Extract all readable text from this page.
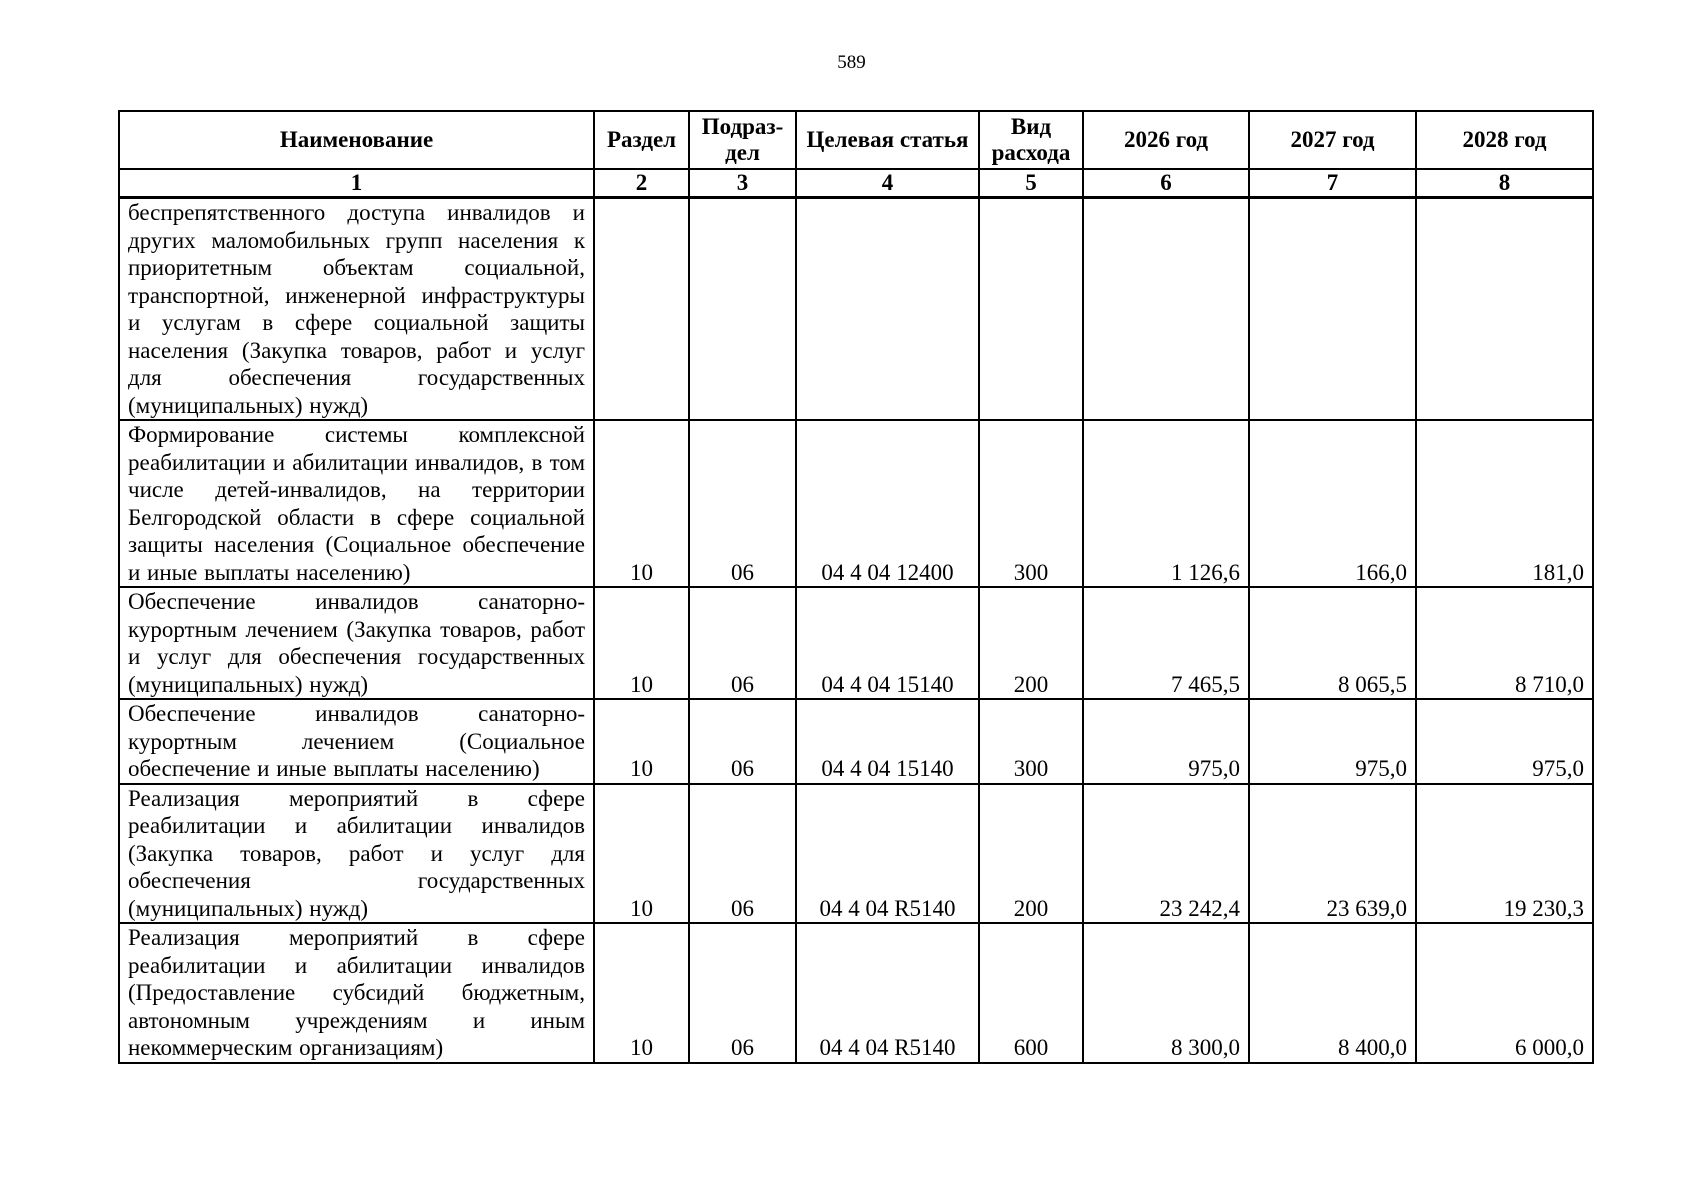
589
Наименование	Раздел	Подраз-дел	Целевая статья	Вид расхода	2026 год	2027 год	2028 год
1	2	3	4	5	6	7	8
беспрепятственного доступа инвалидов и других маломобильных групп населения к приоритетным объектам социальной, транспортной, инженерной инфраструктуры и услугам в сфере социальной защиты населения (Закупка товаров, работ и услуг для обеспечения государственных (муниципальных) нужд)							
Формирование системы комплексной реабилитации и абилитации инвалидов, в том числе детей-инвалидов, на территории Белгородской области в сфере социальной защиты населения (Социальное обеспечение и иные выплаты населению)	10	06	04 4 04 12400	300	1 126,6	166,0	181,0
Обеспечение инвалидов санаторно-курортным лечением (Закупка товаров, работ и услуг для обеспечения государственных (муниципальных) нужд)	10	06	04 4 04 15140	200	7 465,5	8 065,5	8 710,0
Обеспечение инвалидов санаторно-курортным лечением (Социальное обеспечение и иные выплаты населению)	10	06	04 4 04 15140	300	975,0	975,0	975,0
Реализация мероприятий в сфере реабилитации и абилитации инвалидов (Закупка товаров, работ и услуг для обеспечения государственных (муниципальных) нужд)	10	06	04 4 04 R5140	200	23 242,4	23 639,0	19 230,3
Реализация мероприятий в сфере реабилитации и абилитации инвалидов (Предоставление субсидий бюджетным, автономным учреждениям и иным некоммерческим организациям)	10	06	04 4 04 R5140	600	8 300,0	8 400,0	6 000,0
